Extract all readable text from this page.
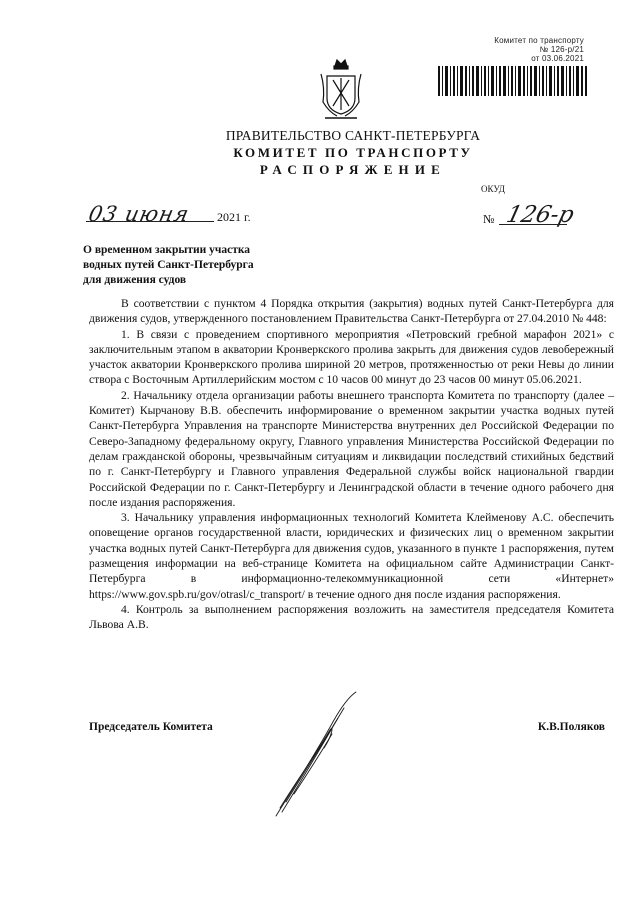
Комитет по транспорту
№ 126-р/21
от 03.06.2021
ПРАВИТЕЛЬСТВО САНКТ-ПЕТЕРБУРГА
КОМИТЕТ ПО ТРАНСПОРТУ
РАСПОРЯЖЕНИЕ
ОКУД
03 июня 2021 г.	№ 126-р
О временном закрытии участка
водных путей Санкт-Петербурга
для движения судов

В соответствии с пунктом 4 Порядка открытия (закрытия) водных путей Санкт-Петербурга для движения судов, утвержденного постановлением Правительства Санкт-Петербурга от 27.04.2010 № 448:

1. В связи с проведением спортивного мероприятия «Петровский гребной марафон 2021» с заключительным этапом в акватории Кронверкского пролива закрыть для движения судов левобережный участок акватории Кронверкского пролива шириной 20 метров, протяженностью от реки Невы до линии створа с Восточным Артиллерийским мостом с 10 часов 00 минут до 23 часов 00 минут 05.06.2021.

2. Начальнику отдела организации работы внешнего транспорта Комитета по транспорту (далее – Комитет) Кырчанову В.В. обеспечить информирование о временном закрытии участка водных путей Санкт-Петербурга Управления на транспорте Министерства внутренних дел Российской Федерации по Северо-Западному федеральному округу, Главного управления Министерства Российской Федерации по делам гражданской обороны, чрезвычайным ситуациям и ликвидации последствий стихийных бедствий по г. Санкт-Петербургу и Главного управления Федеральной службы войск национальной гвардии Российской Федерации по г. Санкт-Петербургу и Ленинградской области в течение одного рабочего дня после издания распоряжения.

3. Начальнику управления информационных технологий Комитета Клейменову А.С. обеспечить оповещение органов государственной власти, юридических и физических лиц о временном закрытии участка водных путей Санкт-Петербурга для движения судов, указанного в пункте 1 распоряжения, путем размещения информации на веб-странице Комитета на официальном сайте Администрации Санкт-Петербурга в информационно-телекоммуникационной сети «Интернет» https://www.gov.spb.ru/gov/otrasl/c_transport/ в течение одного дня после издания распоряжения.

4. Контроль за выполнением распоряжения возложить на заместителя председателя Комитета Львова А.В.

Председатель Комитета	К.В.Поляков
